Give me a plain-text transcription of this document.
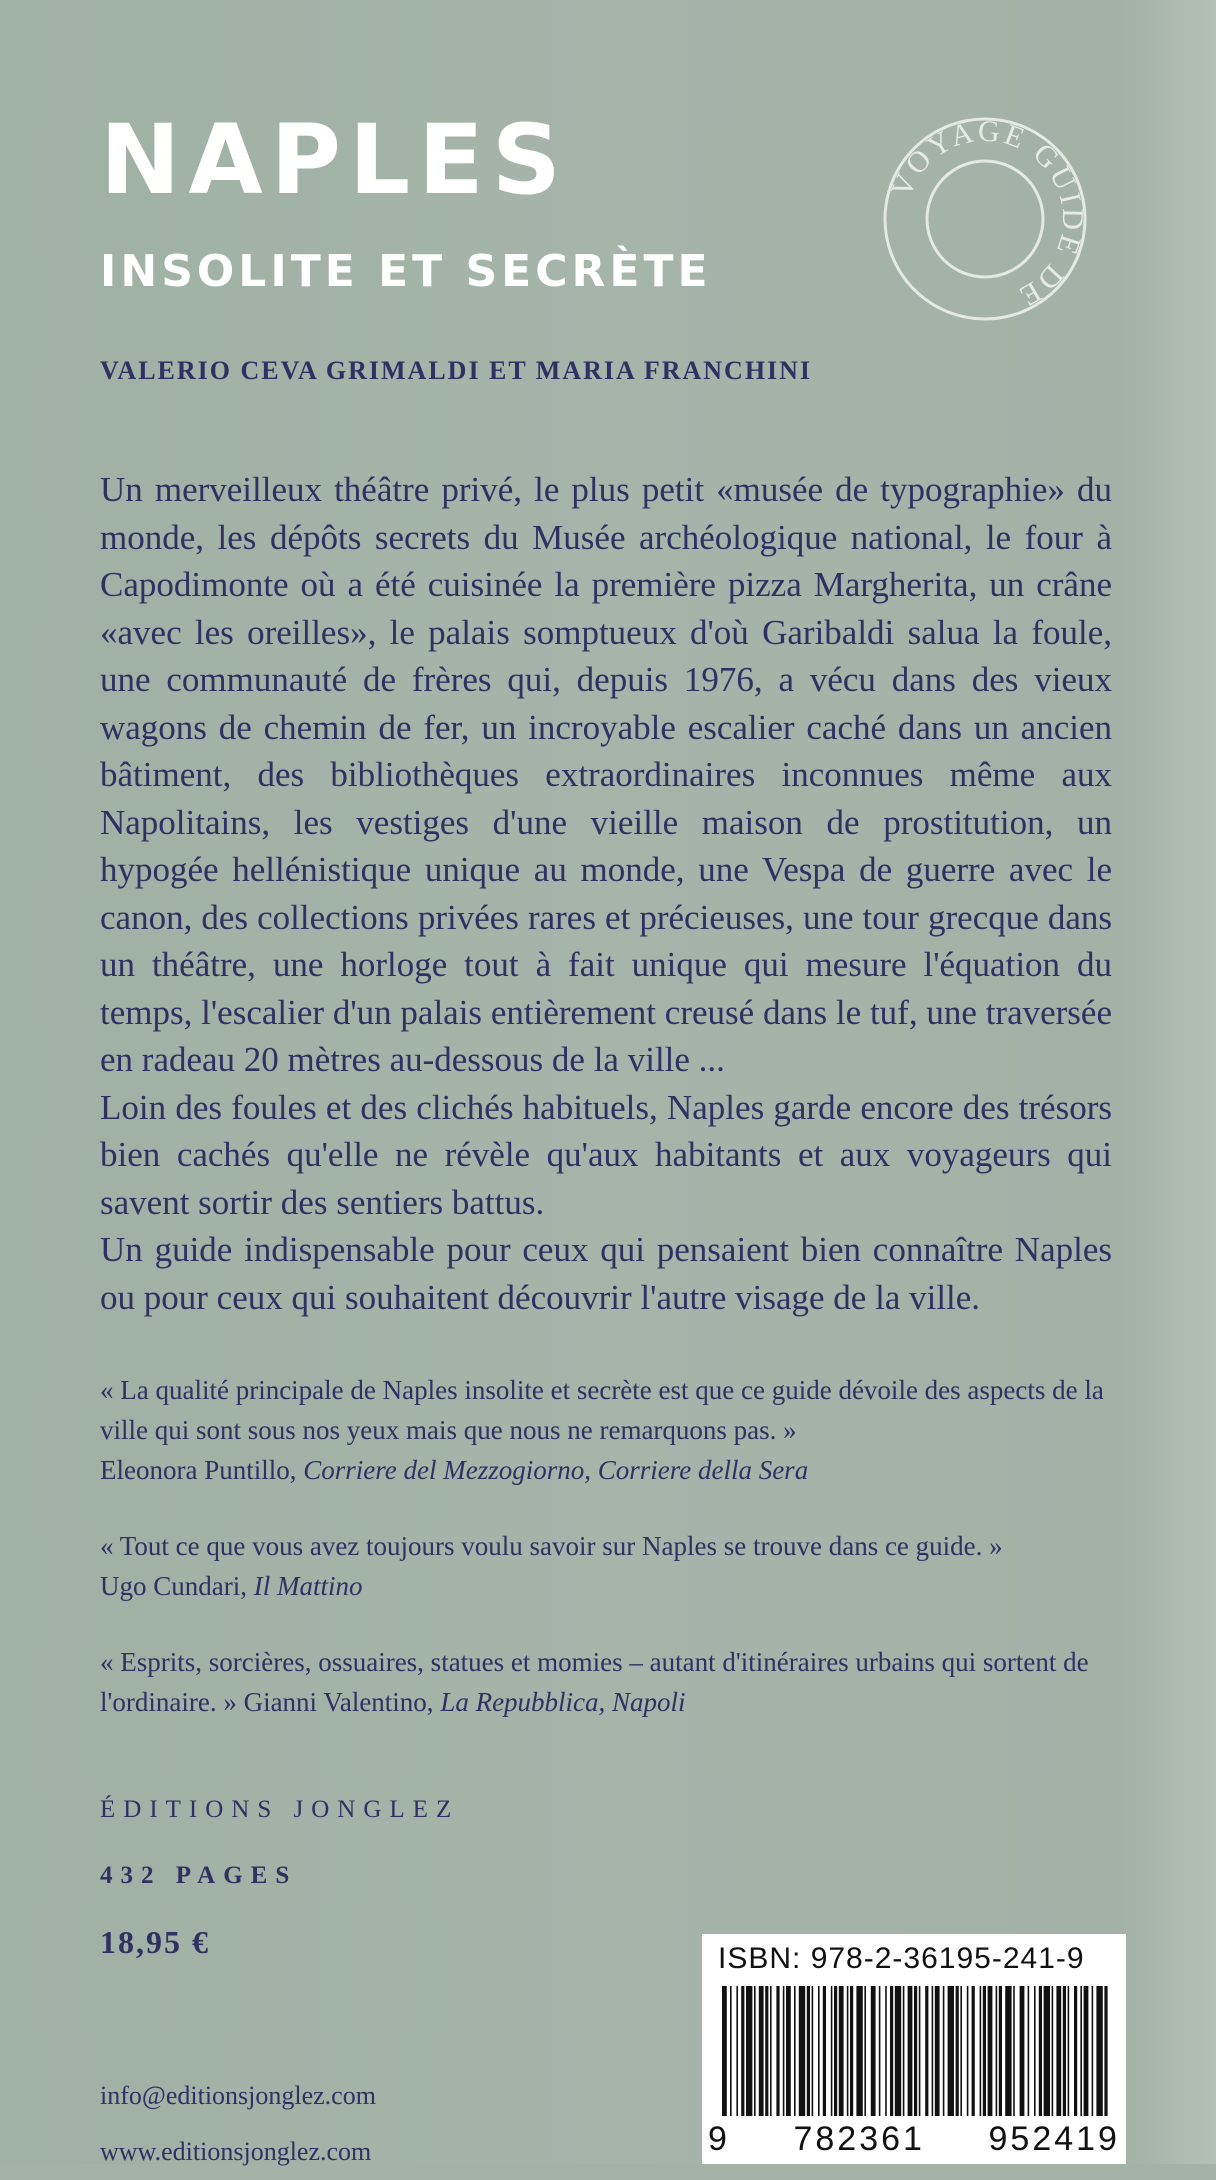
NAPLES
INSOLITE ET SECRÈTE
VOYAGE GUIDE DE
VALERIO CEVA GRIMALDI ET MARIA FRANCHINI

Un merveilleux théâtre privé, le plus petit «musée de typographie» du monde, les dépôts secrets du Musée archéologique national, le four à Capodimonte où a été cuisinée la première pizza Margherita, un crâne «avec les oreilles», le palais somptueux d'où Garibaldi salua la foule, une communauté de frères qui, depuis 1976, a vécu dans des vieux wagons de chemin de fer, un incroyable escalier caché dans un ancien bâtiment, des bibliothèques extraordinaires inconnues même aux Napolitains, les vestiges d'une vieille maison de prostitution, un hypogée hellénistique unique au monde, une Vespa de guerre avec le canon, des collections privées rares et précieuses, une tour grecque dans un théâtre, une horloge tout à fait unique qui mesure l'équation du temps, l'escalier d'un palais entièrement creusé dans le tuf, une traversée en radeau 20 mètres au-dessous de la ville ...

Loin des foules et des clichés habituels, Naples garde encore des trésors bien cachés qu'elle ne révèle qu'aux habitants et aux voyageurs qui savent sortir des sentiers battus.

Un guide indispensable pour ceux qui pensaient bien connaître Naples ou pour ceux qui souhaitent découvrir l'autre visage de la ville.

« La qualité principale de Naples insolite et secrète est que ce guide dévoile des aspects de la ville qui sont sous nos yeux mais que nous ne remarquons pas. »
Eleonora Puntillo, Corriere del Mezzogiorno, Corriere della Sera

« Tout ce que vous avez toujours voulu savoir sur Naples se trouve dans ce guide. »
Ugo Cundari, Il Mattino

« Esprits, sorcières, ossuaires, statues et momies – autant d'itinéraires urbains qui sortent de l'ordinaire. » Gianni Valentino, La Repubblica, Napoli

ÉDITIONS JONGLEZ
432 PAGES
18,95 €
info@editionsjonglez.com
www.editionsjonglez.com
ISBN: 978-2-36195-241-9
9 782361 952419
